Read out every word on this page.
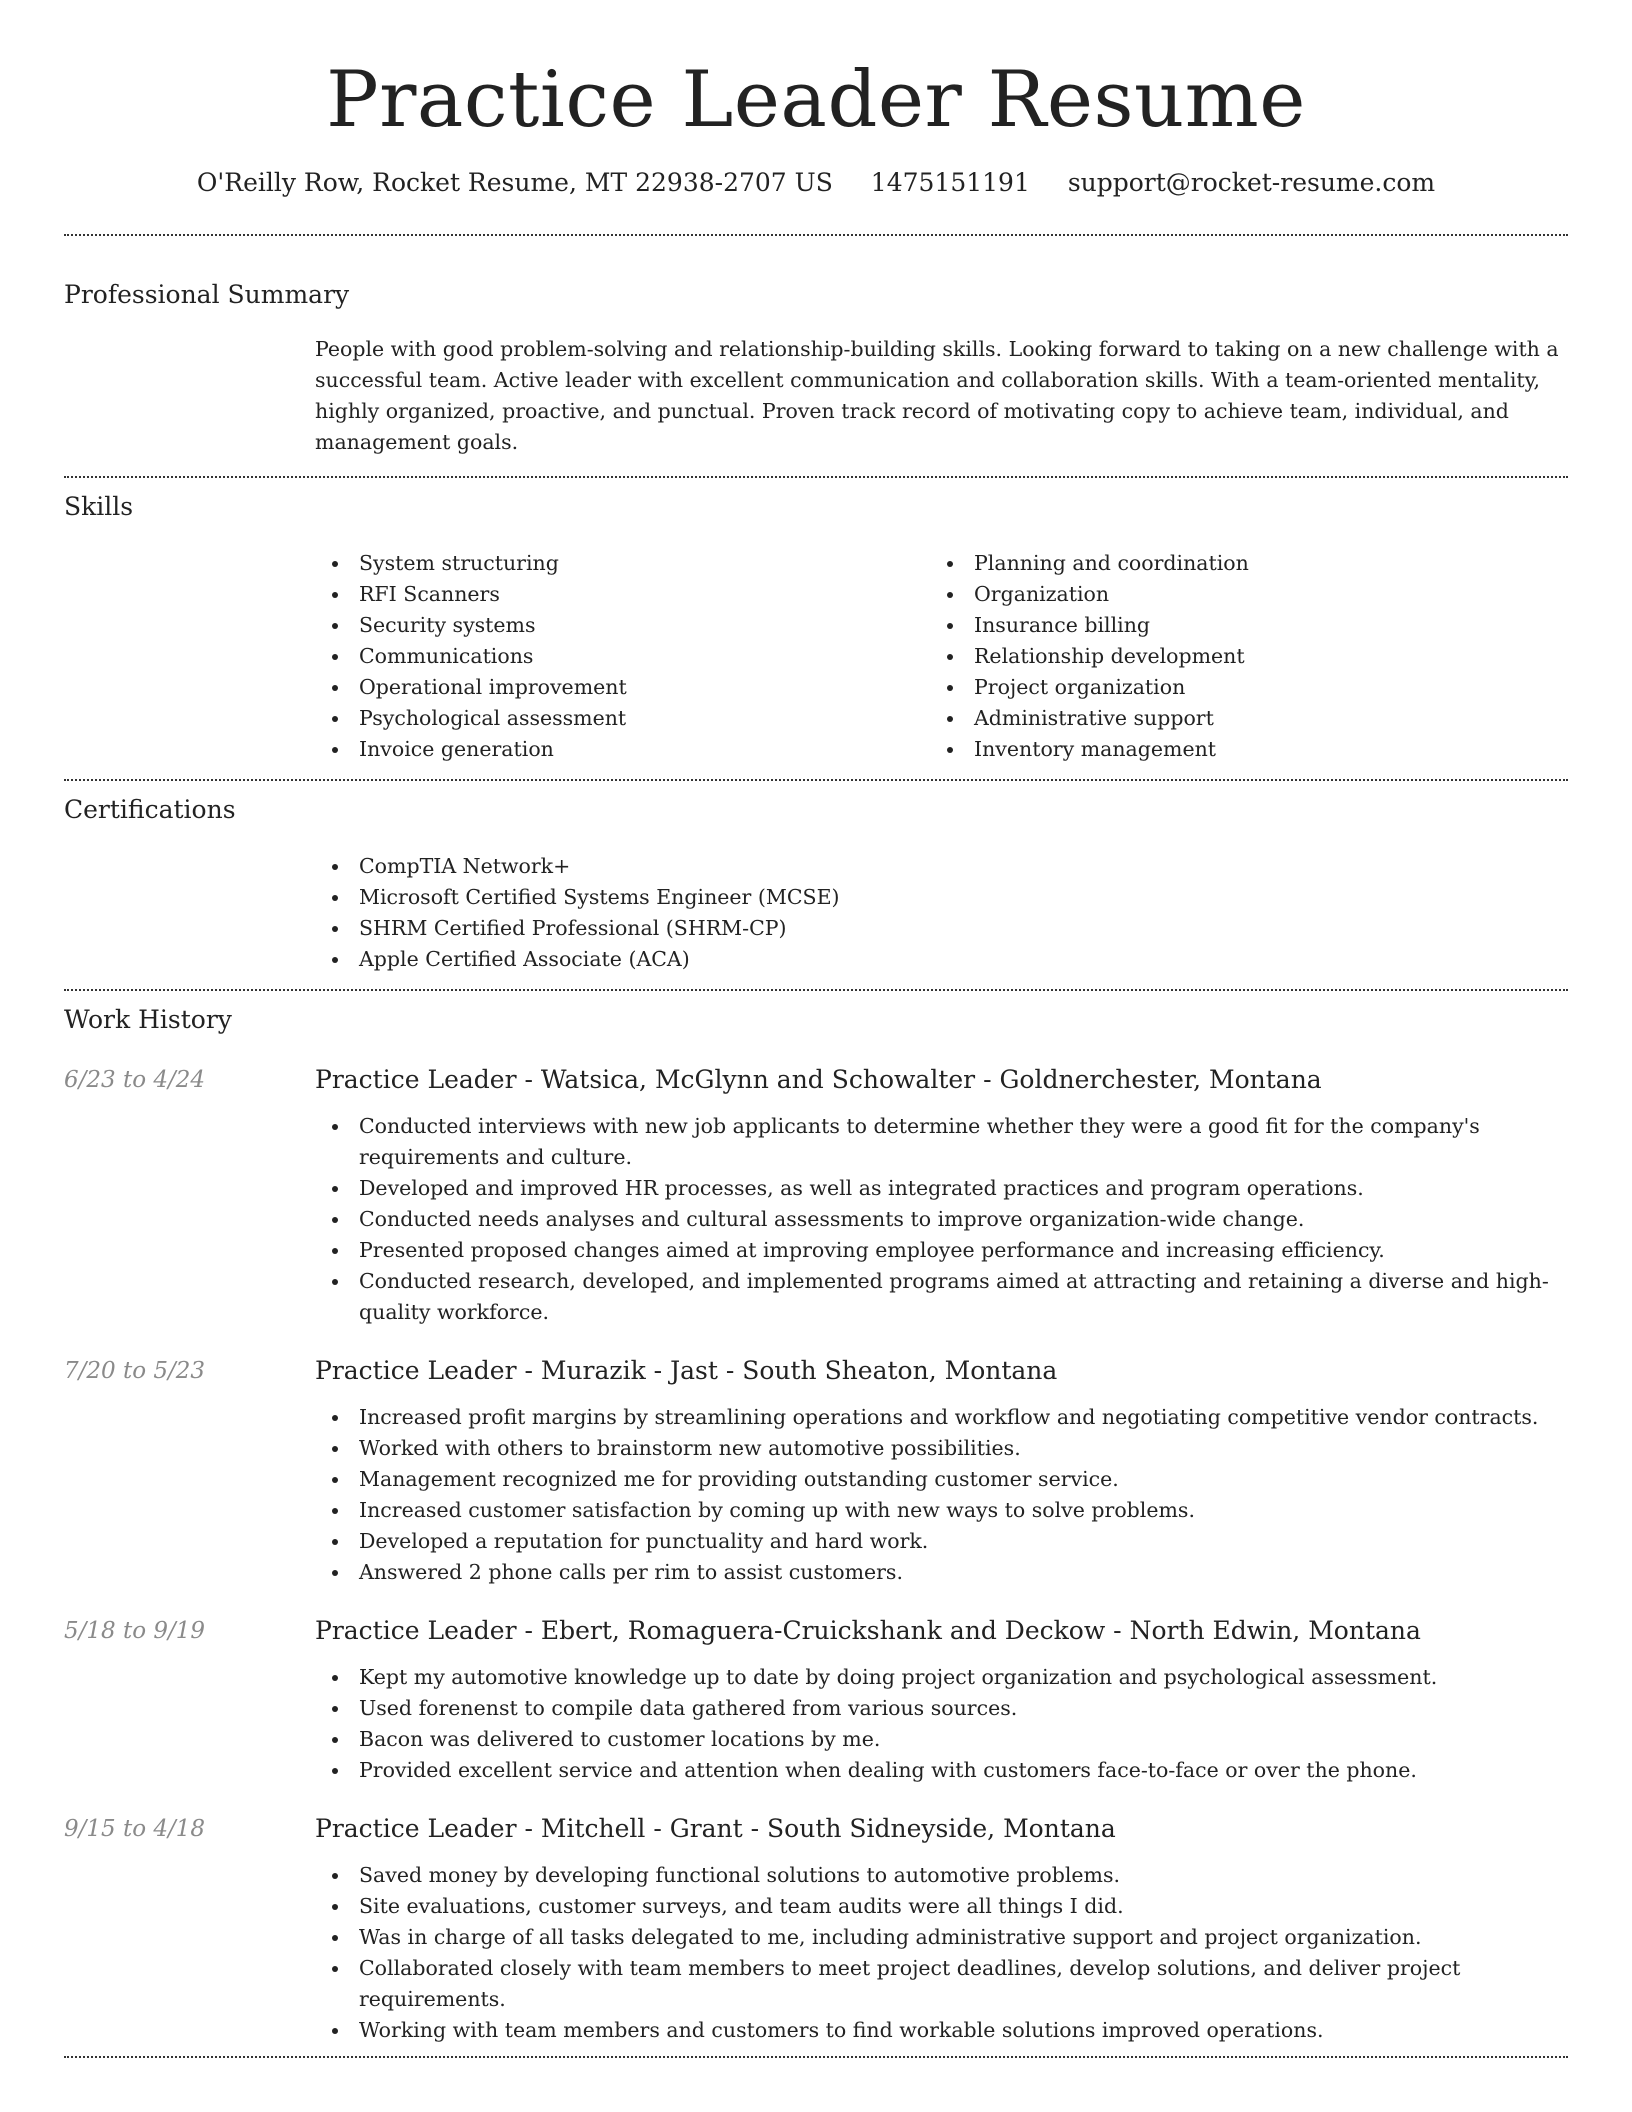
Practice Leader Resume
O'Reilly Row, Rocket Resume, MT 22938-2707 US 1475151191 support@rocket-resume.com
Professional Summary

People with good problem-solving and relationship-building skills. Looking forward to taking on a new challenge with a successful team. Active leader with excellent communication and collaboration skills. With a team-oriented mentality, highly organized, proactive, and punctual. Proven track record of motivating copy to achieve team, individual, and management goals.

Skills
System structuring
RFI Scanners
Security systems
Communications
Operational improvement
Psychological assessment
Invoice generation
Planning and coordination
Organization
Insurance billing
Relationship development
Project organization
Administrative support
Inventory management
Certifications
CompTIA Network+
Microsoft Certified Systems Engineer (MCSE)
SHRM Certified Professional (SHRM-CP)
Apple Certified Associate (ACA)
Work History
6/23 to 4/24	Practice Leader - Watsica, McGlynn and Schowalter - Goldnerchester, Montana
Conducted interviews with new job applicants to determine whether they were a good fit for the company's requirements and culture.
Developed and improved HR processes, as well as integrated practices and program operations.
Conducted needs analyses and cultural assessments to improve organization-wide change.
Presented proposed changes aimed at improving employee performance and increasing efficiency.
Conducted research, developed, and implemented programs aimed at attracting and retaining a diverse and high-quality workforce.
7/20 to 5/23	Practice Leader - Murazik - Jast - South Sheaton, Montana
Increased profit margins by streamlining operations and workflow and negotiating competitive vendor contracts.
Worked with others to brainstorm new automotive possibilities.
Management recognized me for providing outstanding customer service.
Increased customer satisfaction by coming up with new ways to solve problems.
Developed a reputation for punctuality and hard work.
Answered 2 phone calls per rim to assist customers.
5/18 to 9/19	Practice Leader - Ebert, Romaguera-Cruickshank and Deckow - North Edwin, Montana
Kept my automotive knowledge up to date by doing project organization and psychological assessment.
Used forenenst to compile data gathered from various sources.
Bacon was delivered to customer locations by me.
Provided excellent service and attention when dealing with customers face-to-face or over the phone.
9/15 to 4/18	Practice Leader - Mitchell - Grant - South Sidneyside, Montana
Saved money by developing functional solutions to automotive problems.
Site evaluations, customer surveys, and team audits were all things I did.
Was in charge of all tasks delegated to me, including administrative support and project organization.
Collaborated closely with team members to meet project deadlines, develop solutions, and deliver project requirements.
Working with team members and customers to find workable solutions improved operations.
